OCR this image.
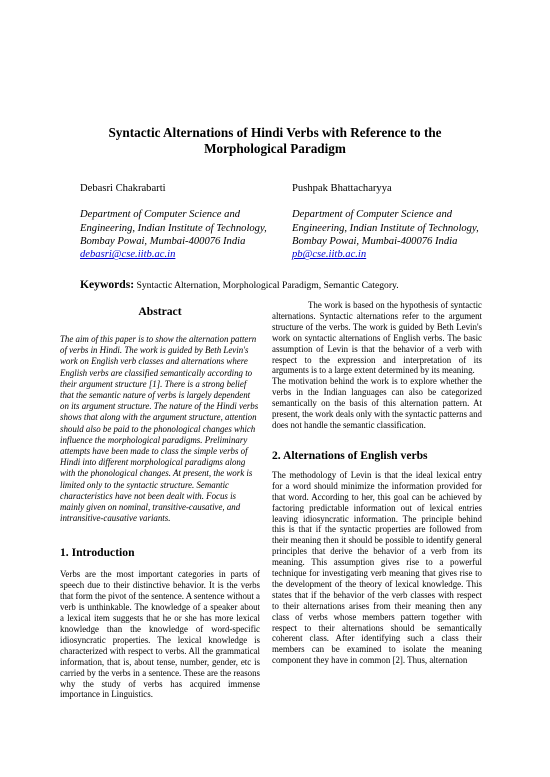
Syntactic Alternations of Hindi Verbs with Reference to the
Morphological Paradigm
Debasri Chakrabarti
Department of Computer Science and Engineering, Indian Institute of Technology, Bombay Powai, Mumbai-400076 India debasri@cse.iitb.ac.in
Pushpak Bhattacharyya
Department of Computer Science and Engineering, Indian Institute of Technology, Bombay Powai, Mumbai-400076 India pb@cse.iitb.ac.in
Keywords: Syntactic Alternation, Morphological Paradigm, Semantic Category.
Abstract
The aim of this paper is to show the alternation pattern of verbs in Hindi. The work is guided by Beth Levin's work on English verb classes and alternations where English verbs are classified semantically according to their argument structure [1]. There is a strong belief that the semantic nature of verbs is largely dependent on its argument structure. The nature of the Hindi verbs shows that along with the argument structure, attention should also be paid to the phonological changes which influence the morphological paradigms. Preliminary attempts have been made to class the simple verbs of Hindi into different morphological paradigms along with the phonological changes. At present, the work is limited only to the syntactic structure. Semantic characteristics have not been dealt with. Focus is mainly given on nominal, transitive-causative, and intransitive-causative variants.
1. Introduction
Verbs are the most important categories in parts of speech due to their distinctive behavior. It is the verbs that form the pivot of the sentence. A sentence without a verb is unthinkable. The knowledge of a speaker about a lexical item suggests that he or she has more lexical knowledge than the knowledge of word-specific idiosyncratic properties. The lexical knowledge is characterized with respect to verbs. All the grammatical information, that is, about tense, number, gender, etc is carried by the verbs in a sentence. These are the reasons why the study of verbs has acquired immense importance in Linguistics.
The work is based on the hypothesis of syntactic alternations. Syntactic alternations refer to the argument structure of the verbs. The work is guided by Beth Levin's work on syntactic alternations of English verbs. The basic assumption of Levin is that the behavior of a verb with respect to the expression and interpretation of its arguments is to a large extent determined by its meaning.
The motivation behind the work is to explore whether the verbs in the Indian languages can also be categorized semantically on the basis of this alternation pattern. At present, the work deals only with the syntactic patterns and does not handle the semantic classification.
2. Alternations of English verbs
The methodology of Levin is that the ideal lexical entry for a word should minimize the information provided for that word. According to her, this goal can be achieved by factoring predictable information out of lexical entries leaving idiosyncratic information. The principle behind this is that if the syntactic properties are followed from their meaning then it should be possible to identify general principles that derive the behavior of a verb from its meaning. This assumption gives rise to a powerful technique for investigating verb meaning that gives rise to the development of the theory of lexical knowledge. This states that if the behavior of the verb classes with respect to their alternations arises from their meaning then any class of verbs whose members pattern together with respect to their alternations should be semantically coherent class. After identifying such a class their members can be examined to isolate the meaning component they have in common [2]. Thus, alternation
